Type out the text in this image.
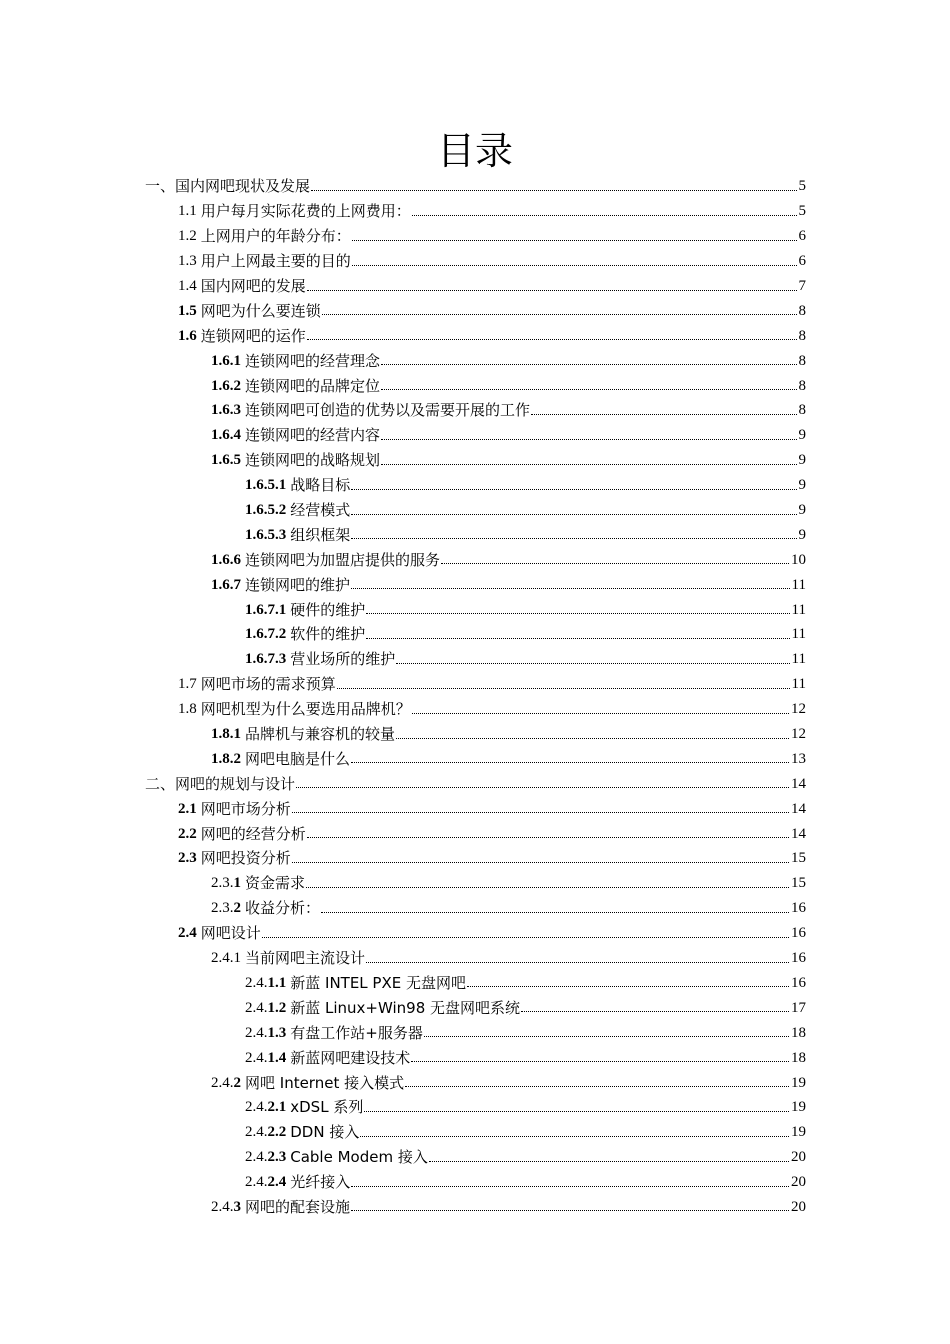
目录
一、国内网吧现状及发展	5
1.1 用户每月实际花费的上网费用：	5
1.2 上网用户的年龄分布：	6
1.3 用户上网最主要的目的	6
1.4 国内网吧的发展	7
1.5 网吧为什么要连锁	8
1.6 连锁网吧的运作	8
1.6.1 连锁网吧的经营理念	8
1.6.2 连锁网吧的品牌定位	8
1.6.3 连锁网吧可创造的优势以及需要开展的工作	8
1.6.4 连锁网吧的经营内容	9
1.6.5 连锁网吧的战略规划	9
1.6.5.1 战略目标	9
1.6.5.2 经营模式	9
1.6.5.3 组织框架	9
1.6.6 连锁网吧为加盟店提供的服务	10
1.6.7 连锁网吧的维护	11
1.6.7.1 硬件的维护	11
1.6.7.2 软件的维护	11
1.6.7.3 营业场所的维护	11
1.7 网吧市场的需求预算	11
1.8 网吧机型为什么要选用品牌机？	12
1.8.1 品牌机与兼容机的较量	12
1.8.2 网吧电脑是什么	13
二、网吧的规划与设计	14
2.1 网吧市场分析	14
2.2 网吧的经营分析	14
2.3 网吧投资分析	15
2.3. 1 资金需求	15
2.3. 2 收益分析：	16
2.4 网吧设计	16
2.4.1 当前网吧主流设计	16
2.4. 1.1 新蓝 INTEL PXE 无盘网吧	16
2.4. 1.2 新蓝 Linux+Win98 无盘网吧系统	17
2.4. 1.3 有盘工作站+服务器	18
2.4. 1.4 新蓝网吧建设技术	18
2.4. 2 网吧 Internet 接入模式	19
2.4. 2.1 xDSL 系列	19
2.4. 2.2 DDN 接入	19
2.4. 2.3 Cable Modem 接入	20
2.4. 2.4 光纤接入	20
2.4. 3 网吧的配套设施	20
